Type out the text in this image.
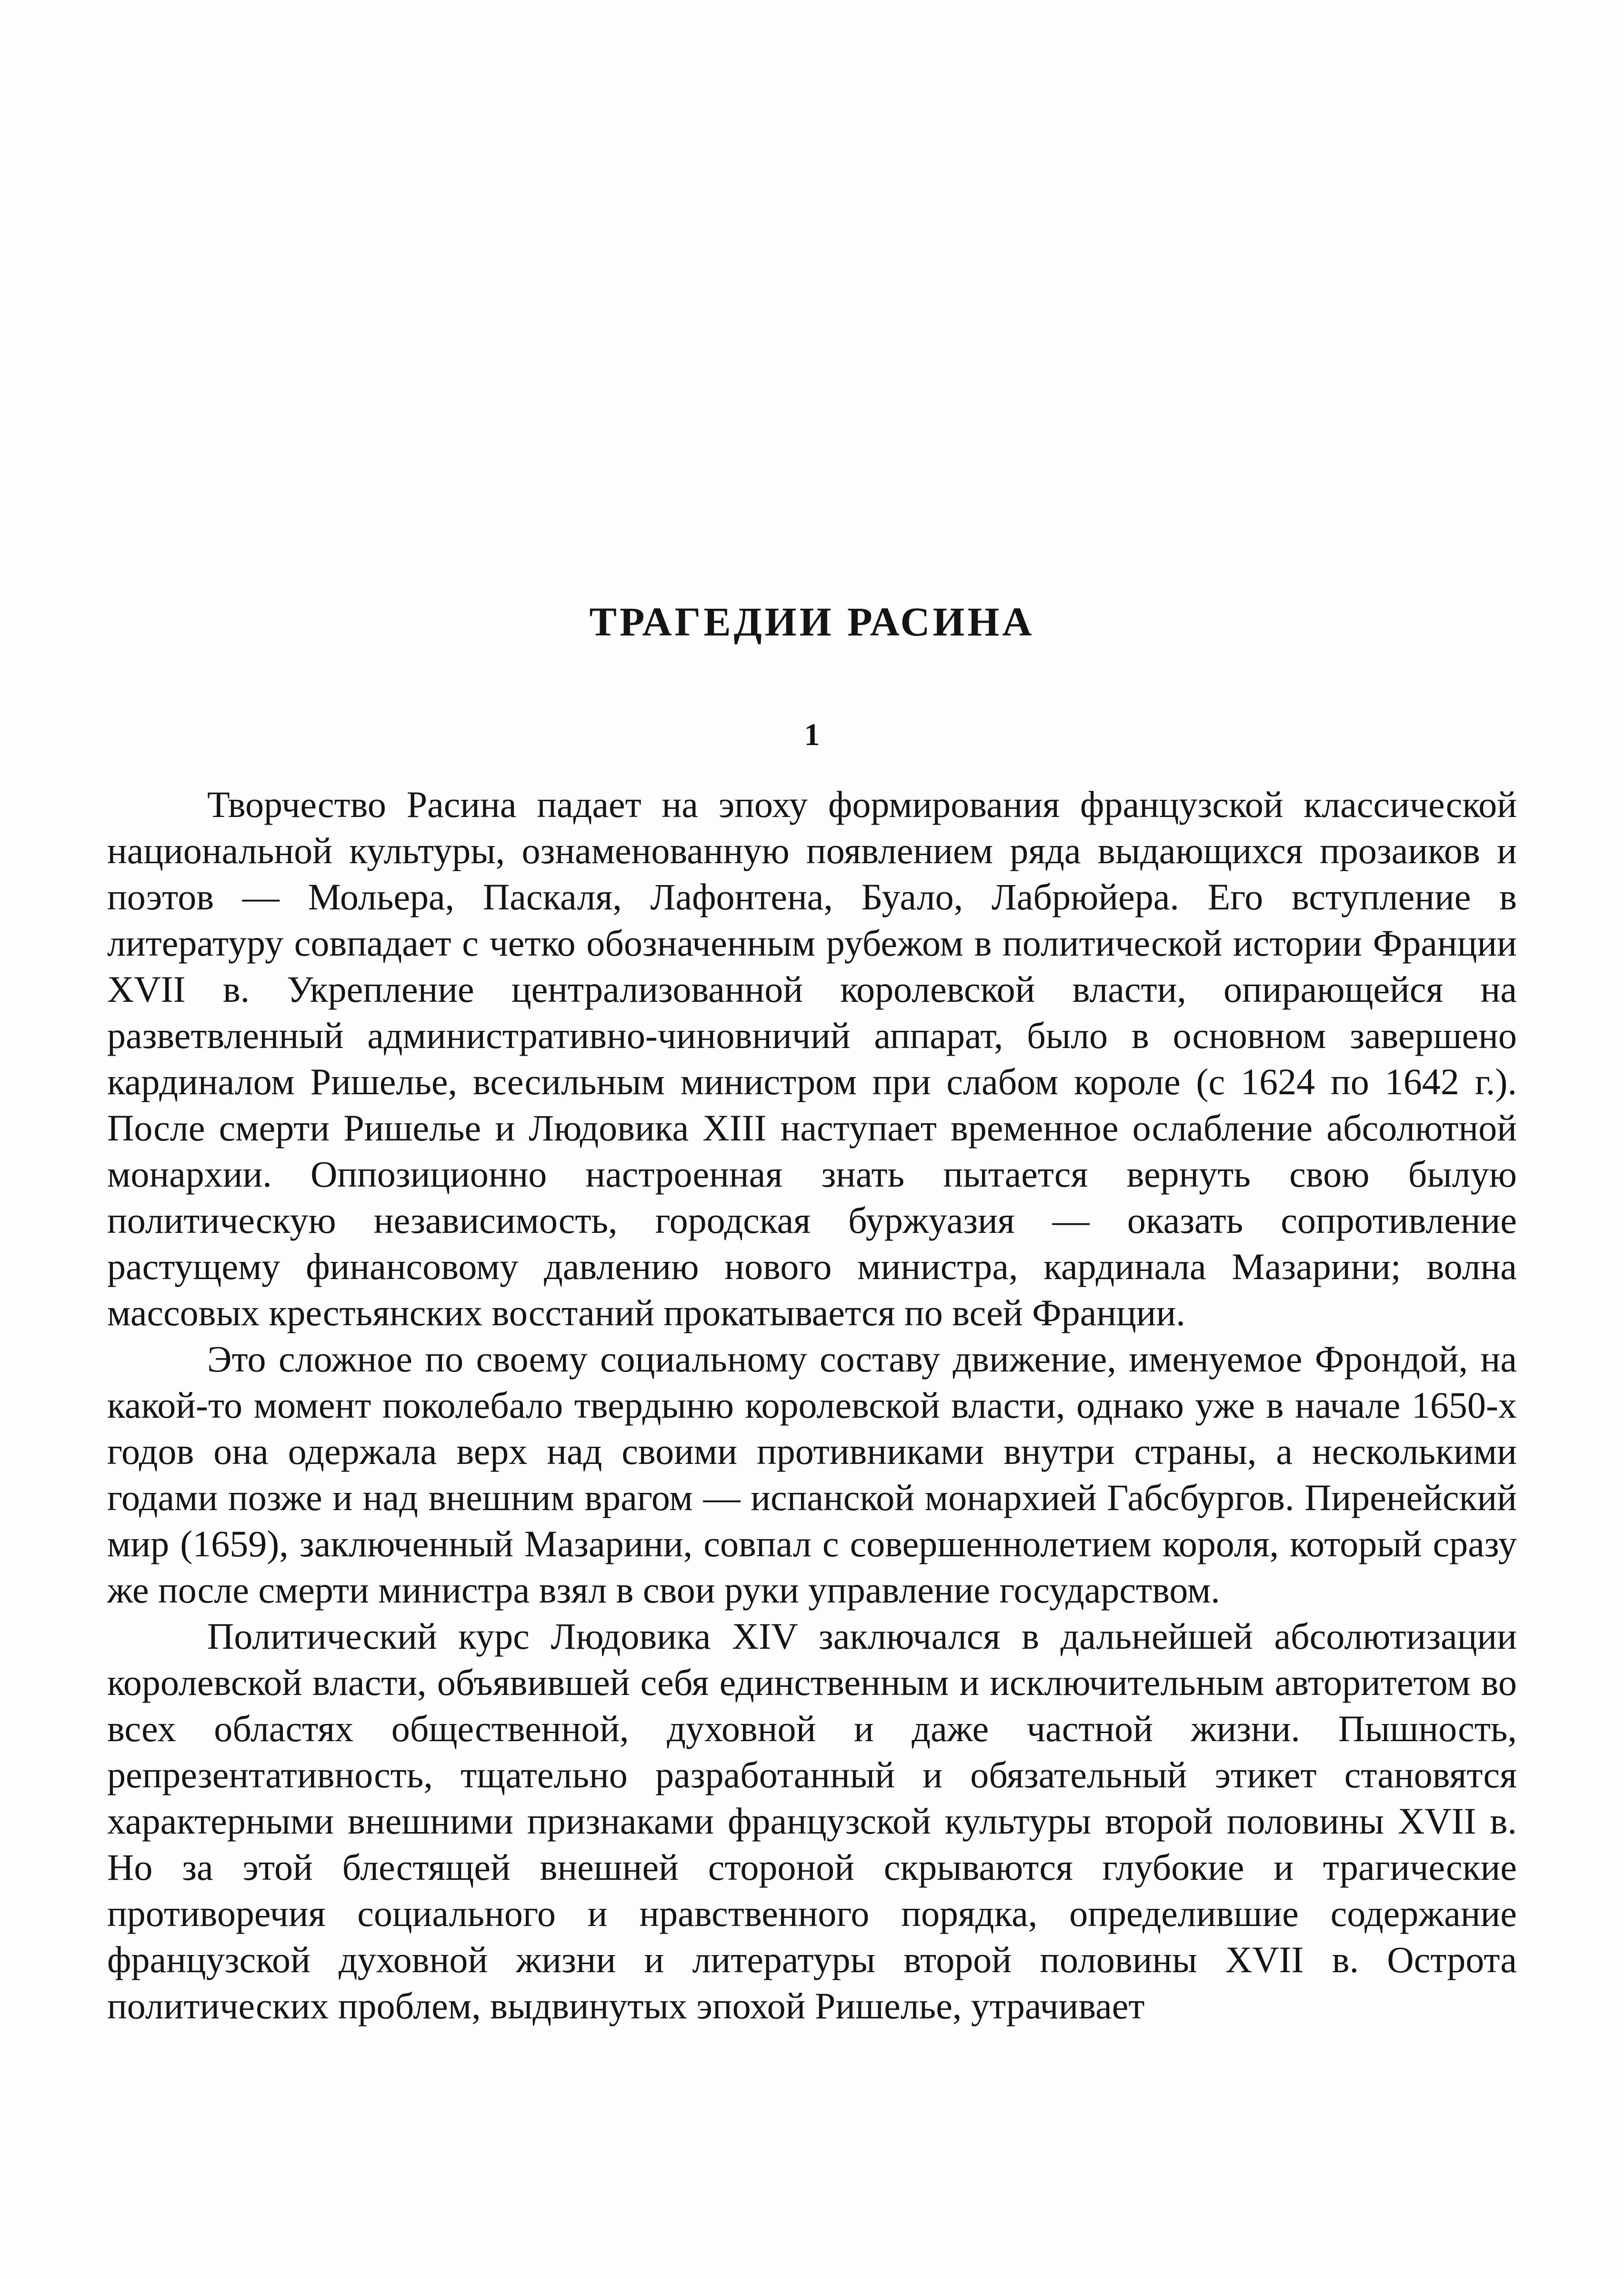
ТРАГЕДИИ РАСИНА
1

Творчество Расина падает на эпоху формирования французской классической национальной культуры, ознаменованную появлением ряда выдающихся прозаиков и поэтов — Мольера, Паскаля, Лафонтена, Буало, Лабрюйера. Его вступление в литературу совпадает с четко обозначенным рубежом в политической истории Франции XVII в. Укрепление централизованной королевской власти, опирающейся на разветвленный административно-чиновничий аппарат, было в основном завершено кардиналом Ришелье, всесильным министром при слабом короле (с 1624 по 1642 г.). После смерти Ришелье и Людовика XIII наступает временное ослабление абсолютной монархии. Оппозиционно настроенная знать пытается вернуть свою былую политическую независимость, городская буржуазия — оказать сопротивление растущему финансовому давлению нового министра, кардинала Мазарини; волна массовых крестьянских восстаний прокатывается по всей Франции.

Это сложное по своему социальному составу движение, именуемое Фрондой, на какой-то момент поколебало твердыню королевской власти, однако уже в начале 1650-х годов она одержала верх над своими противниками внутри страны, а несколькими годами позже и над внешним врагом — испанской монархией Габсбургов. Пиренейский мир (1659), заключенный Мазарини, совпал с совершеннолетием короля, который сразу же после смерти министра взял в свои руки управление государством.

Политический курс Людовика XIV заключался в дальнейшей абсолютизации королевской власти, объявившей себя единственным и исключительным авторитетом во всех областях общественной, духовной и даже частной жизни. Пышность, репрезентативность, тщательно разработанный и обязательный этикет становятся характерными внешними признаками французской культуры второй половины XVII в. Но за этой блестящей внешней стороной скрываются глубокие и трагические противоречия социального и нравственного порядка, определившие содержание французской духовной жизни и литературы второй половины XVII в. Острота политических проблем, выдвинутых эпохой Ришелье, утрачивает
